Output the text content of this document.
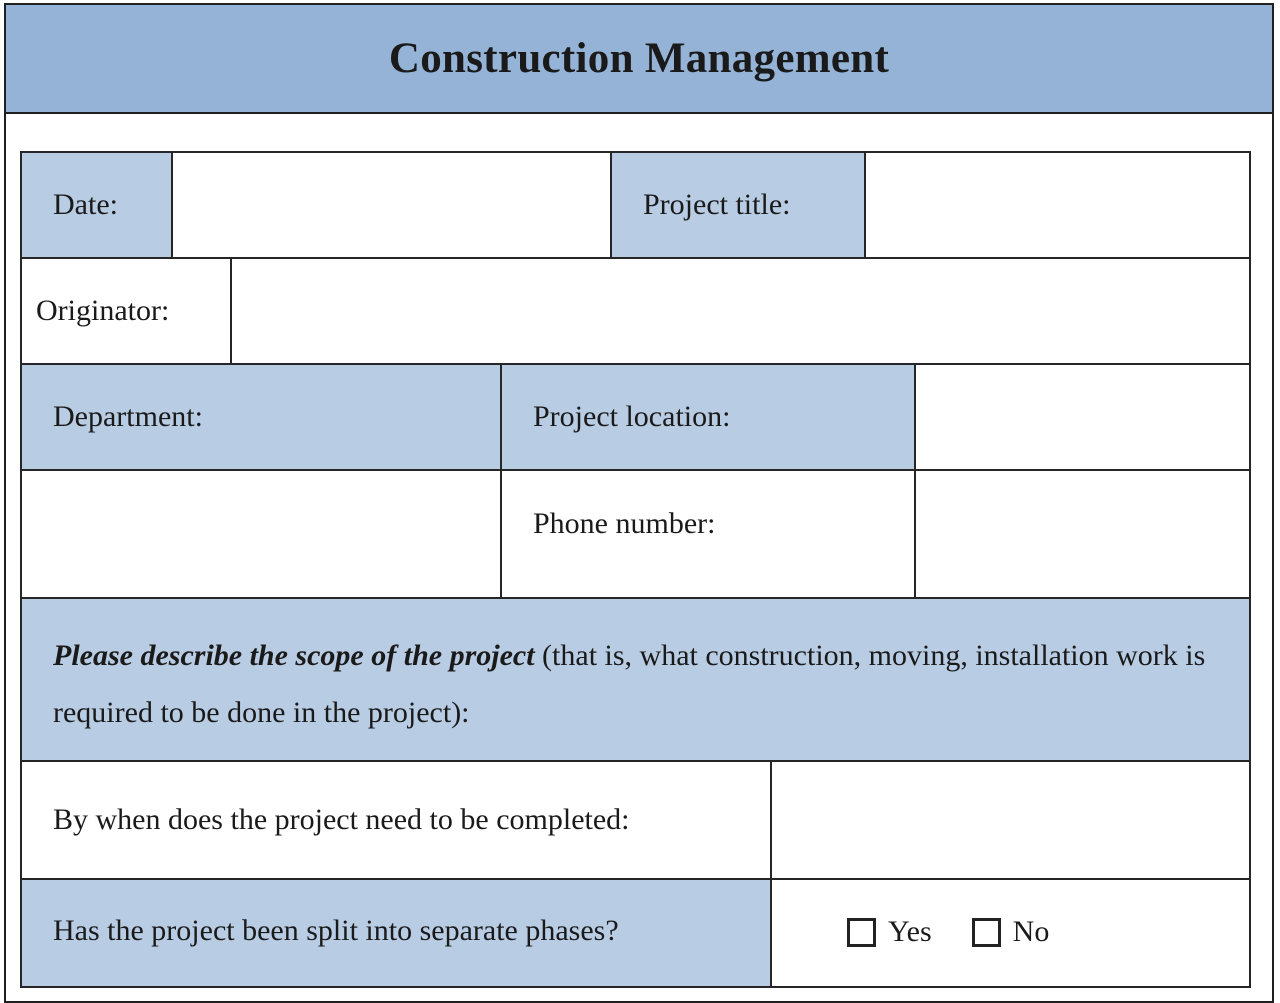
Construction Management
Date:	Project title:
Originator:
Department:	Project location:
Phone number:
Please describe the scope of the project (that is, what construction, moving, installation work is required to be done in the project):
By when does the project need to be completed:
Has the project been split into separate phases?	Yes	No
